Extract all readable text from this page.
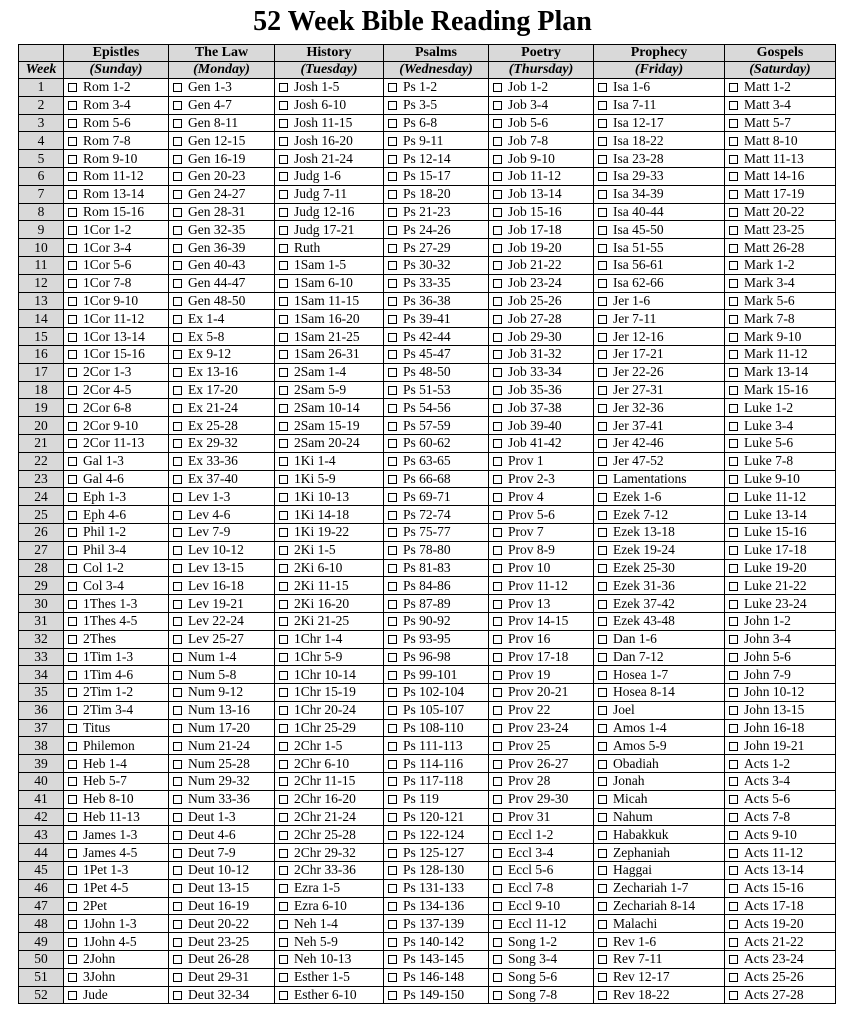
52 Week Bible Reading Plan
	Epistles	The Law	History	Psalms	Poetry	Prophecy	Gospels
Week	(Sunday)	(Monday)	(Tuesday)	(Wednesday)	(Thursday)	(Friday)	(Saturday)
1	Rom 1-2	Gen 1-3	Josh 1-5	Ps 1-2	Job 1-2	Isa 1-6	Matt 1-2
2	Rom 3-4	Gen 4-7	Josh 6-10	Ps 3-5	Job 3-4	Isa 7-11	Matt 3-4
3	Rom 5-6	Gen 8-11	Josh 11-15	Ps 6-8	Job 5-6	Isa 12-17	Matt 5-7
4	Rom 7-8	Gen 12-15	Josh 16-20	Ps 9-11	Job 7-8	Isa 18-22	Matt 8-10
5	Rom 9-10	Gen 16-19	Josh 21-24	Ps 12-14	Job 9-10	Isa 23-28	Matt 11-13
6	Rom 11-12	Gen 20-23	Judg 1-6	Ps 15-17	Job 11-12	Isa 29-33	Matt 14-16
7	Rom 13-14	Gen 24-27	Judg 7-11	Ps 18-20	Job 13-14	Isa 34-39	Matt 17-19
8	Rom 15-16	Gen 28-31	Judg 12-16	Ps 21-23	Job 15-16	Isa 40-44	Matt 20-22
9	1Cor 1-2	Gen 32-35	Judg 17-21	Ps 24-26	Job 17-18	Isa 45-50	Matt 23-25
10	1Cor 3-4	Gen 36-39	Ruth	Ps 27-29	Job 19-20	Isa 51-55	Matt 26-28
11	1Cor 5-6	Gen 40-43	1Sam 1-5	Ps 30-32	Job 21-22	Isa 56-61	Mark 1-2
12	1Cor 7-8	Gen 44-47	1Sam 6-10	Ps 33-35	Job 23-24	Isa 62-66	Mark 3-4
13	1Cor 9-10	Gen 48-50	1Sam 11-15	Ps 36-38	Job 25-26	Jer 1-6	Mark 5-6
14	1Cor 11-12	Ex 1-4	1Sam 16-20	Ps 39-41	Job 27-28	Jer 7-11	Mark 7-8
15	1Cor 13-14	Ex 5-8	1Sam 21-25	Ps 42-44	Job 29-30	Jer 12-16	Mark 9-10
16	1Cor 15-16	Ex 9-12	1Sam 26-31	Ps 45-47	Job 31-32	Jer 17-21	Mark 11-12
17	2Cor 1-3	Ex 13-16	2Sam 1-4	Ps 48-50	Job 33-34	Jer 22-26	Mark 13-14
18	2Cor 4-5	Ex 17-20	2Sam 5-9	Ps 51-53	Job 35-36	Jer 27-31	Mark 15-16
19	2Cor 6-8	Ex 21-24	2Sam 10-14	Ps 54-56	Job 37-38	Jer 32-36	Luke 1-2
20	2Cor 9-10	Ex 25-28	2Sam 15-19	Ps 57-59	Job 39-40	Jer 37-41	Luke 3-4
21	2Cor 11-13	Ex 29-32	2Sam 20-24	Ps 60-62	Job 41-42	Jer 42-46	Luke 5-6
22	Gal 1-3	Ex 33-36	1Ki 1-4	Ps 63-65	Prov 1	Jer 47-52	Luke 7-8
23	Gal 4-6	Ex 37-40	1Ki 5-9	Ps 66-68	Prov 2-3	Lamentations	Luke 9-10
24	Eph 1-3	Lev 1-3	1Ki 10-13	Ps 69-71	Prov 4	Ezek 1-6	Luke 11-12
25	Eph 4-6	Lev 4-6	1Ki 14-18	Ps 72-74	Prov 5-6	Ezek 7-12	Luke 13-14
26	Phil 1-2	Lev 7-9	1Ki 19-22	Ps 75-77	Prov 7	Ezek 13-18	Luke 15-16
27	Phil 3-4	Lev 10-12	2Ki 1-5	Ps 78-80	Prov 8-9	Ezek 19-24	Luke 17-18
28	Col 1-2	Lev 13-15	2Ki 6-10	Ps 81-83	Prov 10	Ezek 25-30	Luke 19-20
29	Col 3-4	Lev 16-18	2Ki 11-15	Ps 84-86	Prov 11-12	Ezek 31-36	Luke 21-22
30	1Thes 1-3	Lev 19-21	2Ki 16-20	Ps 87-89	Prov 13	Ezek 37-42	Luke 23-24
31	1Thes 4-5	Lev 22-24	2Ki 21-25	Ps 90-92	Prov 14-15	Ezek 43-48	John 1-2
32	2Thes	Lev 25-27	1Chr 1-4	Ps 93-95	Prov 16	Dan 1-6	John 3-4
33	1Tim 1-3	Num 1-4	1Chr 5-9	Ps 96-98	Prov 17-18	Dan 7-12	John 5-6
34	1Tim 4-6	Num 5-8	1Chr 10-14	Ps 99-101	Prov 19	Hosea 1-7	John 7-9
35	2Tim 1-2	Num 9-12	1Chr 15-19	Ps 102-104	Prov 20-21	Hosea 8-14	John 10-12
36	2Tim 3-4	Num 13-16	1Chr 20-24	Ps 105-107	Prov 22	Joel	John 13-15
37	Titus	Num 17-20	1Chr 25-29	Ps 108-110	Prov 23-24	Amos 1-4	John 16-18
38	Philemon	Num 21-24	2Chr 1-5	Ps 111-113	Prov 25	Amos 5-9	John 19-21
39	Heb 1-4	Num 25-28	2Chr 6-10	Ps 114-116	Prov 26-27	Obadiah	Acts 1-2
40	Heb 5-7	Num 29-32	2Chr 11-15	Ps 117-118	Prov 28	Jonah	Acts 3-4
41	Heb 8-10	Num 33-36	2Chr 16-20	Ps 119	Prov 29-30	Micah	Acts 5-6
42	Heb 11-13	Deut 1-3	2Chr 21-24	Ps 120-121	Prov 31	Nahum	Acts 7-8
43	James 1-3	Deut 4-6	2Chr 25-28	Ps 122-124	Eccl 1-2	Habakkuk	Acts 9-10
44	James 4-5	Deut 7-9	2Chr 29-32	Ps 125-127	Eccl 3-4	Zephaniah	Acts 11-12
45	1Pet 1-3	Deut 10-12	2Chr 33-36	Ps 128-130	Eccl 5-6	Haggai	Acts 13-14
46	1Pet 4-5	Deut 13-15	Ezra 1-5	Ps 131-133	Eccl 7-8	Zechariah 1-7	Acts 15-16
47	2Pet	Deut 16-19	Ezra 6-10	Ps 134-136	Eccl 9-10	Zechariah 8-14	Acts 17-18
48	1John 1-3	Deut 20-22	Neh 1-4	Ps 137-139	Eccl 11-12	Malachi	Acts 19-20
49	1John 4-5	Deut 23-25	Neh 5-9	Ps 140-142	Song 1-2	Rev 1-6	Acts 21-22
50	2John	Deut 26-28	Neh 10-13	Ps 143-145	Song 3-4	Rev 7-11	Acts 23-24
51	3John	Deut 29-31	Esther 1-5	Ps 146-148	Song 5-6	Rev 12-17	Acts 25-26
52	Jude	Deut 32-34	Esther 6-10	Ps 149-150	Song 7-8	Rev 18-22	Acts 27-28
